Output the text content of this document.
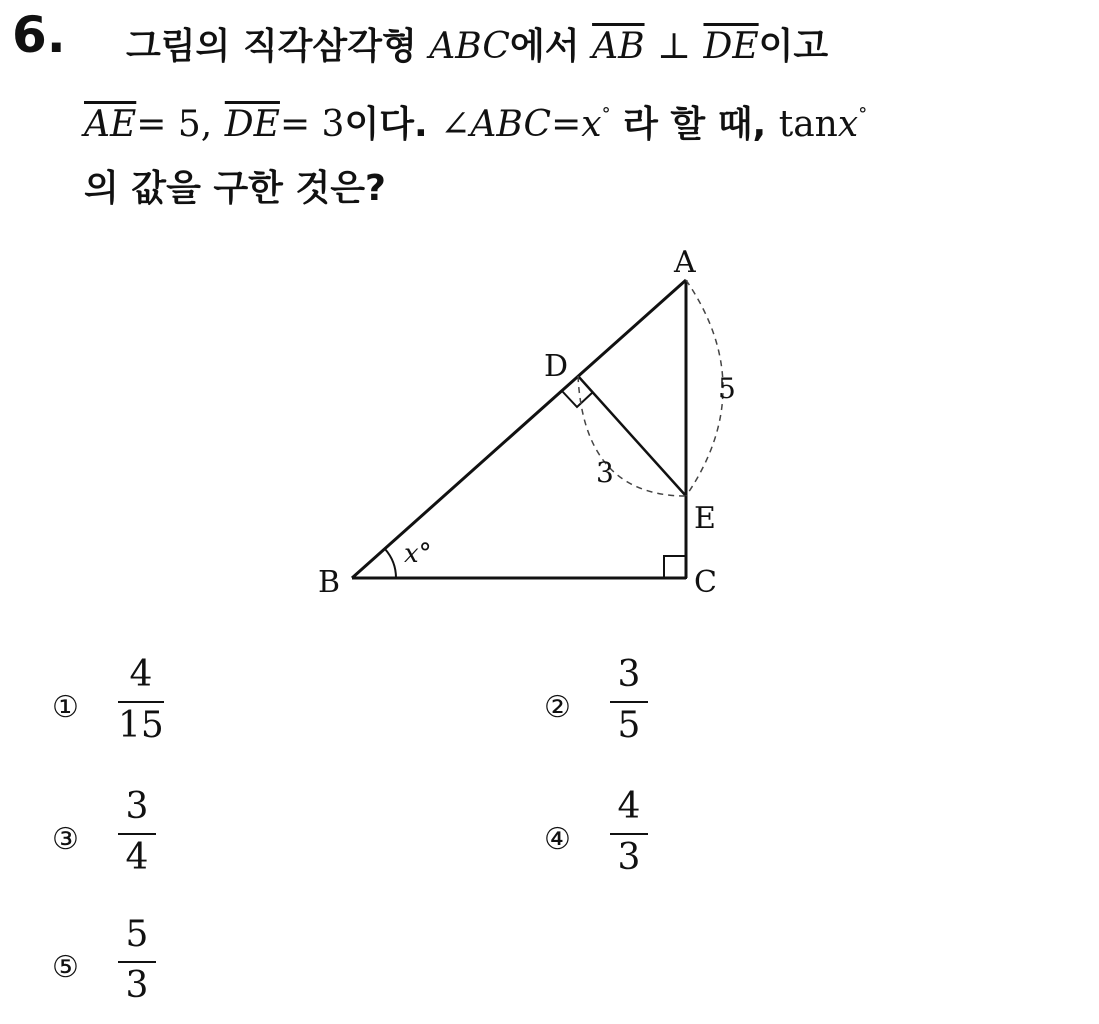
6. 그림의 직각삼각형 ABC에서 $\overline{AB}$ ⊥ $\overline{DE}$이고
$\overline{AE}= 5$, $\overline{DE}= 3$이다. ∠ABC=x° 라 할 때, tanx°
의 값을 구한 것은?
A
B	C
D
E
5
3
x°
①
4
15	②
3
5
③
3
4	④
4
3
⑤
5
3
